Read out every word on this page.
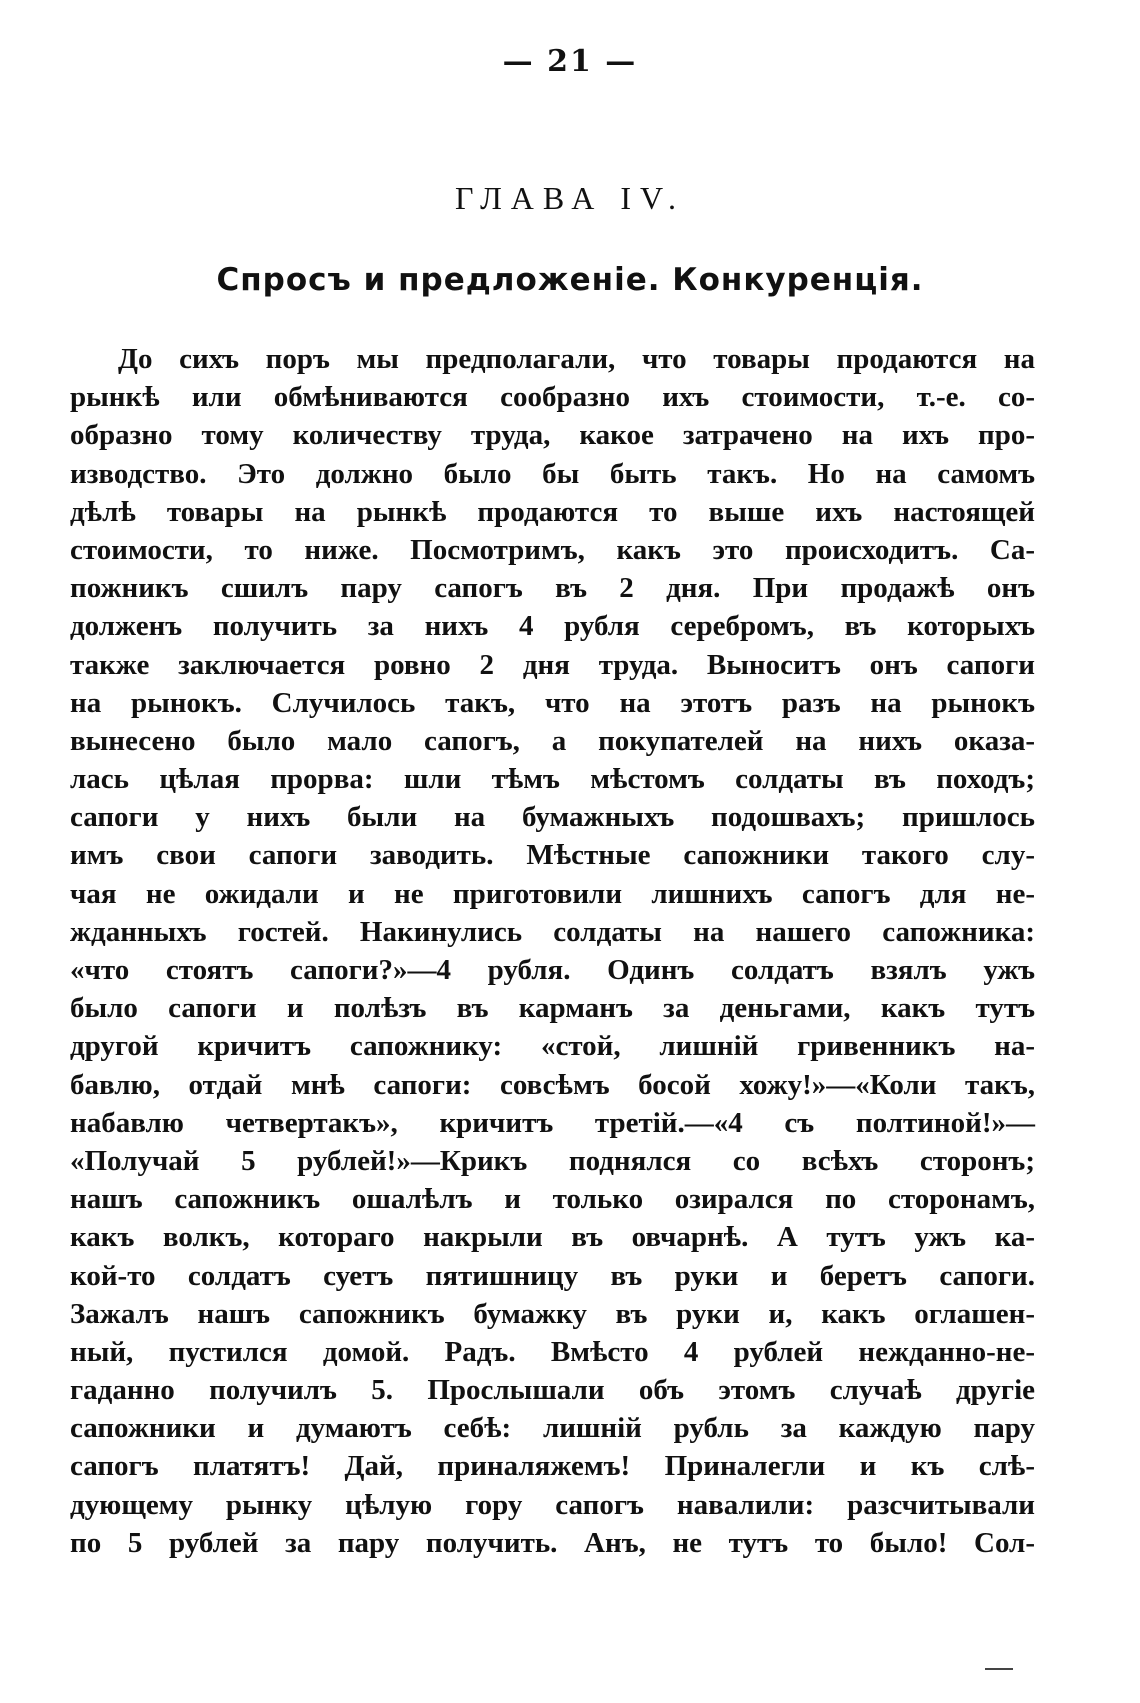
— 21 —
ГЛАВА IV.
Спросъ и предложеніе. Конкуренція.
До сихъ поръ мы предполагали, что товары продаются на
рынкѣ или обмѣниваются сообразно ихъ стоимости, т.-е. со-
образно тому количеству труда, какое затрачено на ихъ про-
изводство. Это должно было бы быть такъ. Но на самомъ
дѣлѣ товары на рынкѣ продаются то выше ихъ настоящей
стоимости, то ниже. Посмотримъ, какъ это происходитъ. Са-
пожникъ сшилъ пару сапогъ въ 2 дня. При продажѣ онъ
долженъ получить за нихъ 4 рубля серебромъ, въ которыхъ
также заключается ровно 2 дня труда. Выноситъ онъ сапоги
на рынокъ. Случилось такъ, что на этотъ разъ на рынокъ
вынесено было мало сапогъ, а покупателей на нихъ оказа-
лась цѣлая прорва: шли тѣмъ мѣстомъ солдаты въ походъ;
сапоги у нихъ были на бумажныхъ подошвахъ; пришлось
имъ свои сапоги заводить. Мѣстные сапожники такого слу-
чая не ожидали и не приготовили лишнихъ сапогъ для не-
жданныхъ гостей. Накинулись солдаты на нашего сапожника:
«что стоятъ сапоги?»—4 рубля. Одинъ солдатъ взялъ ужъ
было сапоги и полѣзъ въ карманъ за деньгами, какъ тутъ
другой кричитъ сапожнику: «стой, лишній гривенникъ на-
бавлю, отдай мнѣ сапоги: совсѣмъ босой хожу!»—«Коли такъ,
набавлю четвертакъ», кричитъ третій.—«4 съ полтиной!»—
«Получай 5 рублей!»—Крикъ поднялся со всѣхъ сторонъ;
нашъ сапожникъ ошалѣлъ и только озирался по сторонамъ,
какъ волкъ, котораго накрыли въ овчарнѣ. А тутъ ужъ ка-
кой-то солдатъ суетъ пятишницу въ руки и беретъ сапоги.
Зажалъ нашъ сапожникъ бумажку въ руки и, какъ оглашен-
ный, пустился домой. Радъ. Вмѣсто 4 рублей нежданно-не-
гаданно получилъ 5. Прослышали объ этомъ случаѣ другіе
сапожники и думаютъ себѣ: лишній рубль за каждую пару
сапогъ платятъ! Дай, приналяжемъ! Приналегли и къ слѣ-
дующему рынку цѣлую гору сапогъ навалили: разсчитывали
по 5 рублей за пару получить. Анъ, не тутъ то было! Сол-
